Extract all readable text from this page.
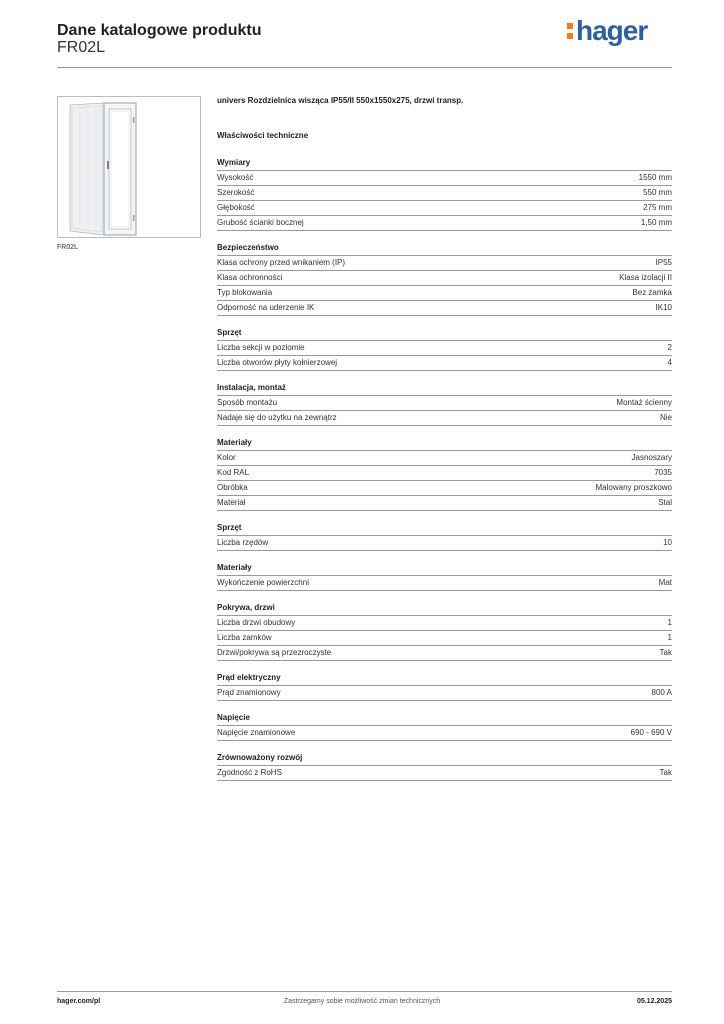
Dane katalogowe produktu
FR02L
hager
FR02L
univers Rozdzielnica wisząca IP55/II 550x1550x275, drzwi transp.
Właściwości techniczne
Wymiary
Wysokość	1550 mm
Szerokość	550 mm
Głębokość	275 mm
Grubość ścianki bocznej	1,50 mm
Bezpieczeństwo
Klasa ochrony przed wnikaniem (IP)	IP55
Klasa ochronności	Klasa izolacji II
Typ blokowania	Bez zamka
Odporność na uderzenie IK	IK10
Sprzęt
Liczba sekcji w poziomie	2
Liczba otworów płyty kołnierzowej	4
Instalacja, montaż
Sposób montażu	Montaż ścienny
Nadaje się do użytku na zewnątrz	Nie
Materiały
Kolor	Jasnoszary
Kod RAL	7035
Obróbka	Malowany proszkowo
Materiał	Stal
Sprzęt
Liczba rzędów	10
Materiały
Wykończenie powierzchni	Mat
Pokrywa, drzwi
Liczba drzwi obudowy	1
Liczba zamków	1
Drzwi/pokrywa są przezroczyste	Tak
Prąd elektryczny
Prąd znamionowy	800 A
Napięcie
Napięcie znamionowe	690 - 690 V
Zrównoważony rozwój
Zgodność z RoHS	Tak
hager.com/pl	Zastrzegamy sobie możliwość zmian technicznych	05.12.2025
